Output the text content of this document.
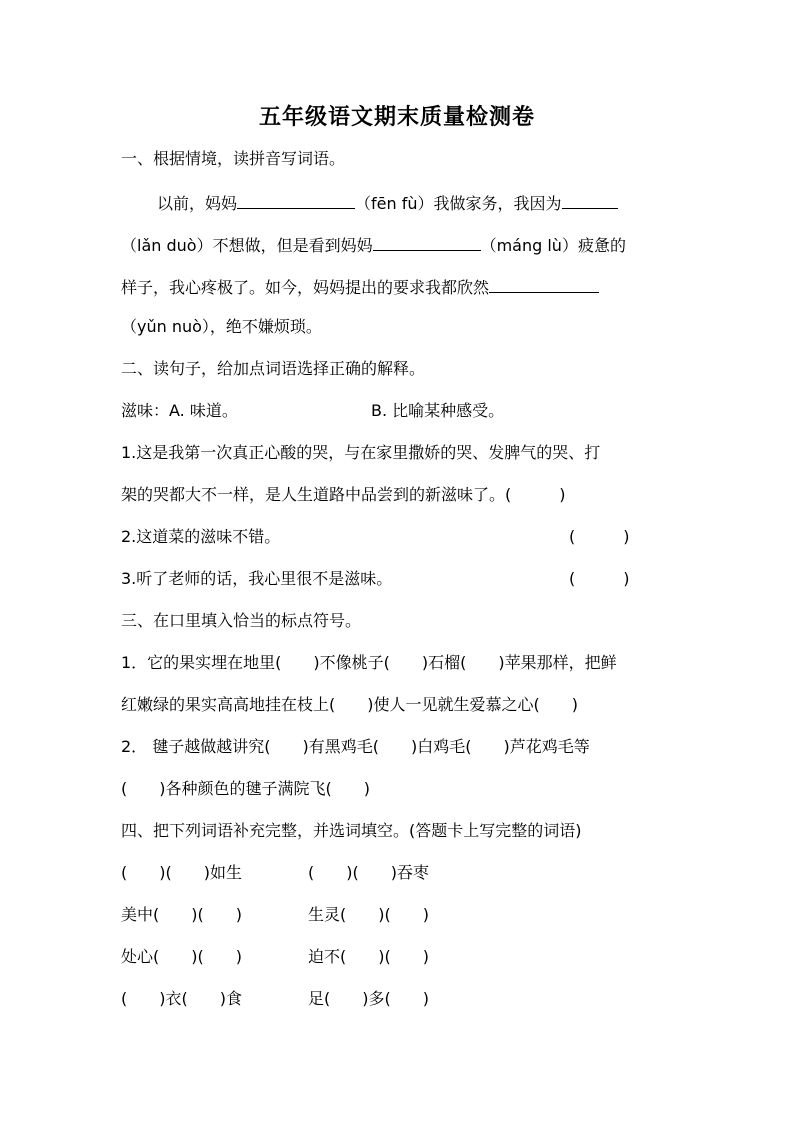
五年级语文期末质量检测卷
一、根据情境，读拼音写词语。
以前，妈妈	（fēn fù）我做家务，我因为
（lǎn duò）不想做，但是看到妈妈	（máng lù）疲惫的
样子，我心疼极了。如今，妈妈提出的要求我都欣然
（yǔn nuò），绝不嫌烦琐。
二、读句子，给加点词语选择正确的解释。
滋味：A. 味道。	B. 比喻某种感受。
1.这是我第一次真正心酸的哭，与在家里撒娇的哭、发脾气的哭、打
架的哭都大不一样，是人生道路中品尝到的新滋味了。(　　　)
2.这道菜的滋味不错。	(　　　)
3.听了老师的话，我心里很不是滋味。	(　　　)
三、在口里填入恰当的标点符号。
1．它的果实埋在地里(　　)不像桃子(　　)石榴(　　)苹果那样，把鲜
红嫩绿的果实高高地挂在枝上(　　)使人一见就生爱慕之心(　　)
2． 毽子越做越讲究(　　)有黑鸡毛(　　)白鸡毛(　　)芦花鸡毛等
(　　)各种颜色的毽子满院飞(　　)
四、把下列词语补充完整，并选词填空。(答题卡上写完整的词语)
(　　)(　　)如生	(　　)(　　)吞枣
美中(　　)(　　)	生灵(　　)(　　)
处心(　　)(　　)	迫不(　　)(　　)
(　　)衣(　　)食	足(　　)多(　　)
